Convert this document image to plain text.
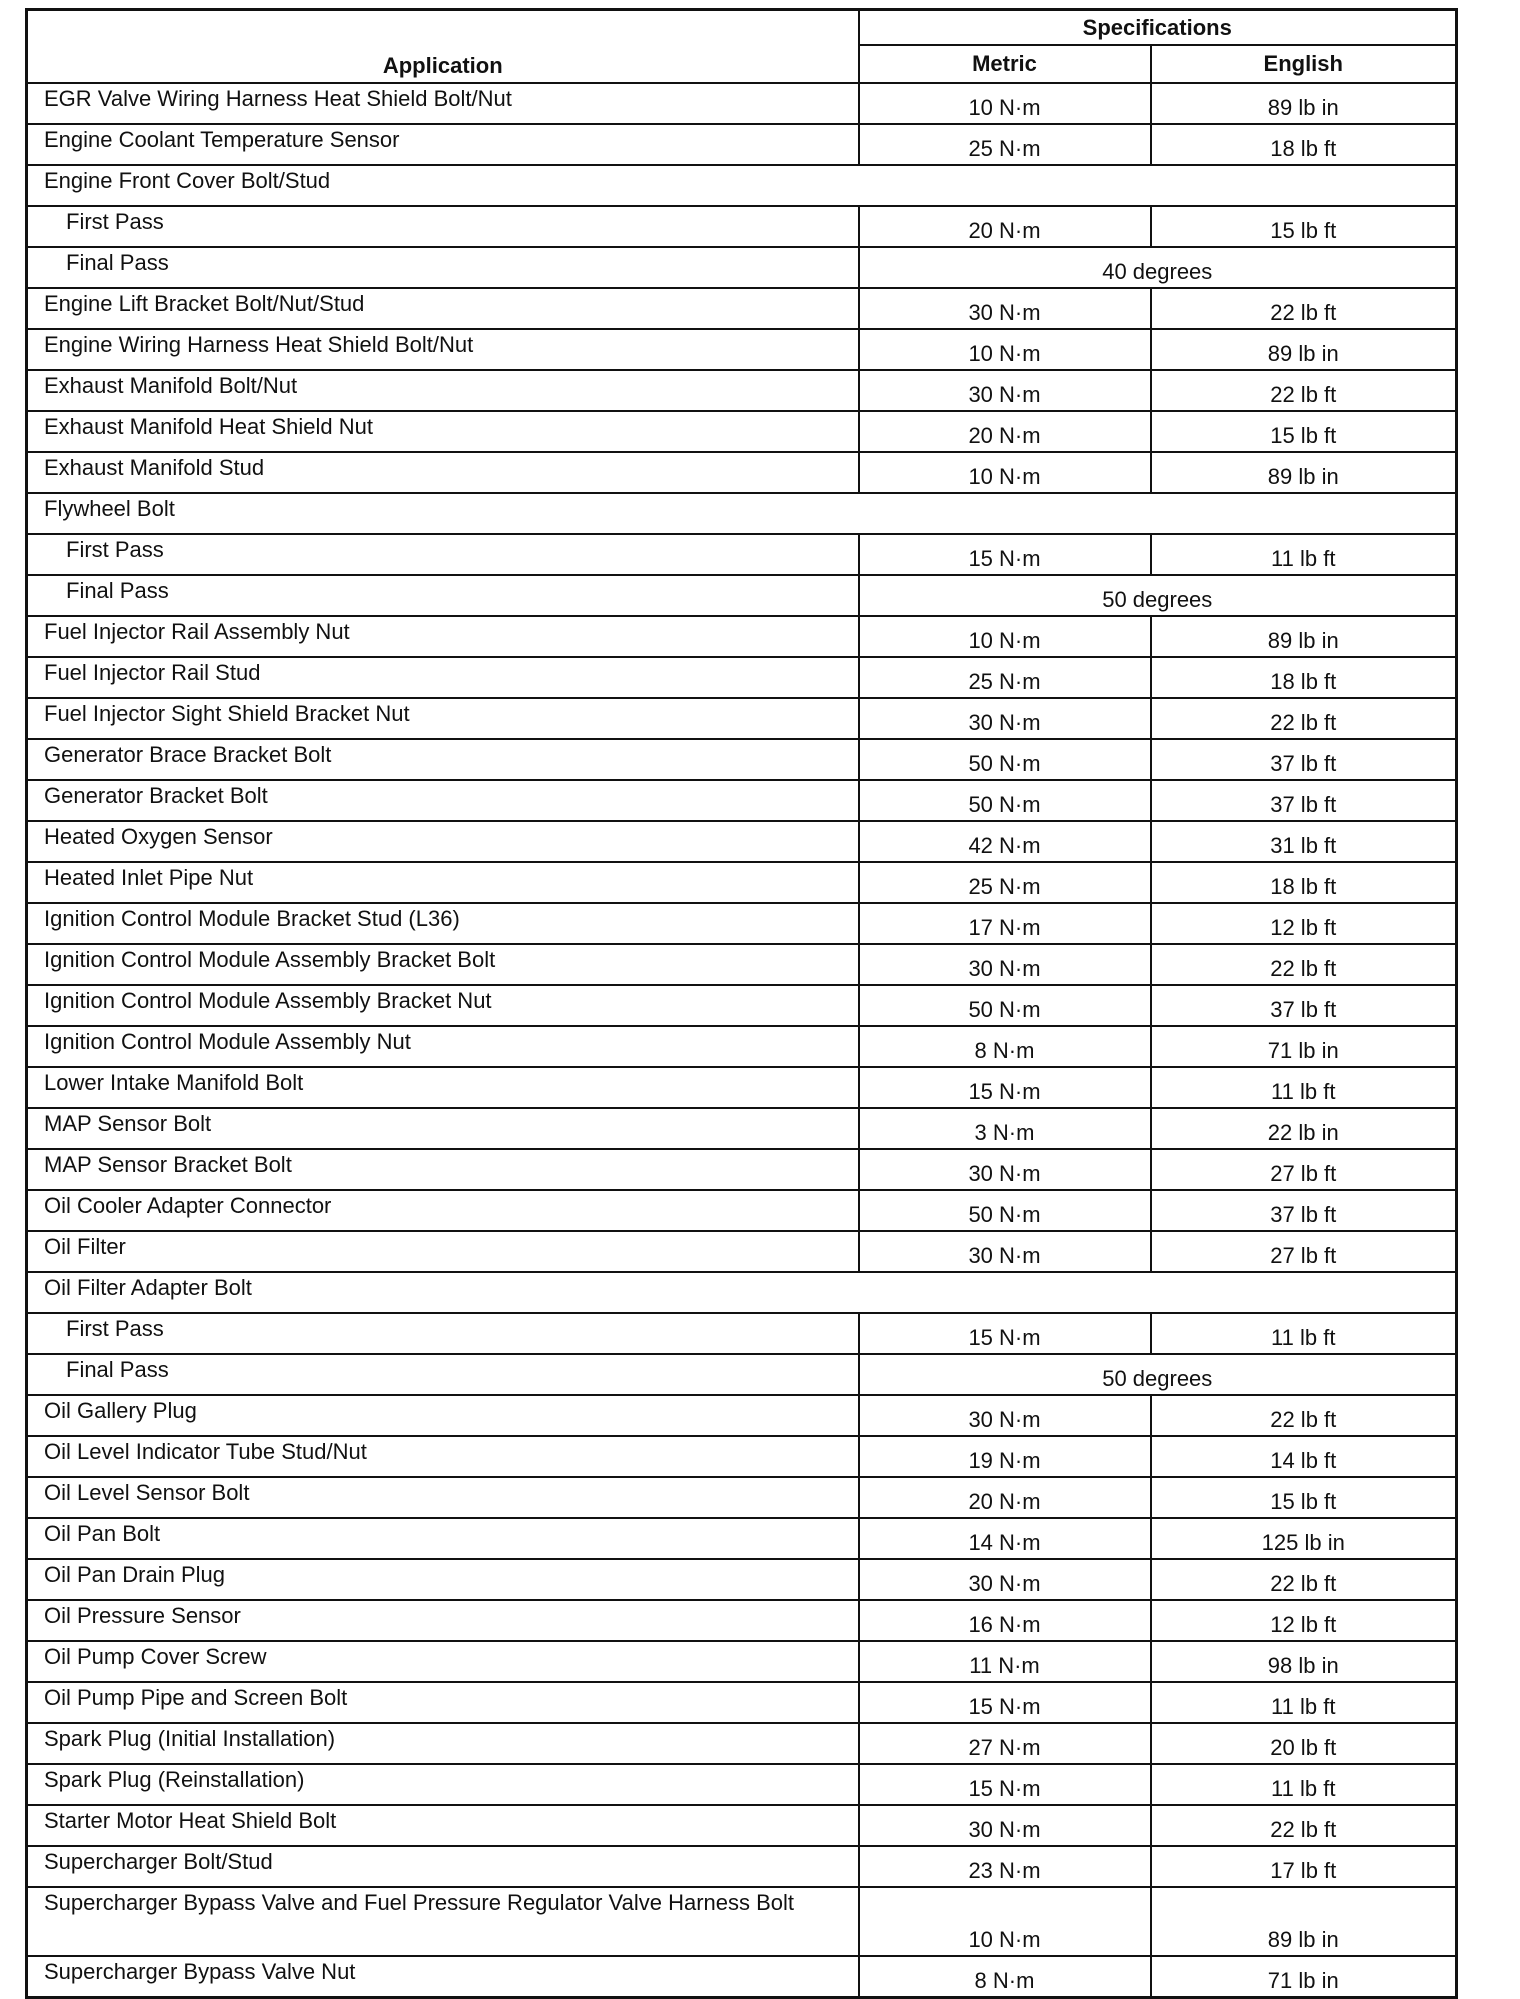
Application	Specifications	
	Metric	English
EGR Valve Wiring Harness Heat Shield Bolt/Nut	10 N·m	89 lb in
Engine Coolant Temperature Sensor	25 N·m	18 lb ft
Engine Front Cover Bolt/Stud		
First Pass	20 N·m	15 lb ft
Final Pass	40 degrees	
Engine Lift Bracket Bolt/Nut/Stud	30 N·m	22 lb ft
Engine Wiring Harness Heat Shield Bolt/Nut	10 N·m	89 lb in
Exhaust Manifold Bolt/Nut	30 N·m	22 lb ft
Exhaust Manifold Heat Shield Nut	20 N·m	15 lb ft
Exhaust Manifold Stud	10 N·m	89 lb in
Flywheel Bolt		
First Pass	15 N·m	11 lb ft
Final Pass	50 degrees	
Fuel Injector Rail Assembly Nut	10 N·m	89 lb in
Fuel Injector Rail Stud	25 N·m	18 lb ft
Fuel Injector Sight Shield Bracket Nut	30 N·m	22 lb ft
Generator Brace Bracket Bolt	50 N·m	37 lb ft
Generator Bracket Bolt	50 N·m	37 lb ft
Heated Oxygen Sensor	42 N·m	31 lb ft
Heated Inlet Pipe Nut	25 N·m	18 lb ft
Ignition Control Module Bracket Stud (L36)	17 N·m	12 lb ft
Ignition Control Module Assembly Bracket Bolt	30 N·m	22 lb ft
Ignition Control Module Assembly Bracket Nut	50 N·m	37 lb ft
Ignition Control Module Assembly Nut	8 N·m	71 lb in
Lower Intake Manifold Bolt	15 N·m	11 lb ft
MAP Sensor Bolt	3 N·m	22 lb in
MAP Sensor Bracket Bolt	30 N·m	27 lb ft
Oil Cooler Adapter Connector	50 N·m	37 lb ft
Oil Filter	30 N·m	27 lb ft
Oil Filter Adapter Bolt		
First Pass	15 N·m	11 lb ft
Final Pass	50 degrees	
Oil Gallery Plug	30 N·m	22 lb ft
Oil Level Indicator Tube Stud/Nut	19 N·m	14 lb ft
Oil Level Sensor Bolt	20 N·m	15 lb ft
Oil Pan Bolt	14 N·m	125 lb in
Oil Pan Drain Plug	30 N·m	22 lb ft
Oil Pressure Sensor	16 N·m	12 lb ft
Oil Pump Cover Screw	11 N·m	98 lb in
Oil Pump Pipe and Screen Bolt	15 N·m	11 lb ft
Spark Plug (Initial Installation)	27 N·m	20 lb ft
Spark Plug (Reinstallation)	15 N·m	11 lb ft
Starter Motor Heat Shield Bolt	30 N·m	22 lb ft
Supercharger Bolt/Stud	23 N·m	17 lb ft
Supercharger Bypass Valve and Fuel Pressure Regulator Valve Harness Bolt	10 N·m	89 lb in
Supercharger Bypass Valve Nut	8 N·m	71 lb in
